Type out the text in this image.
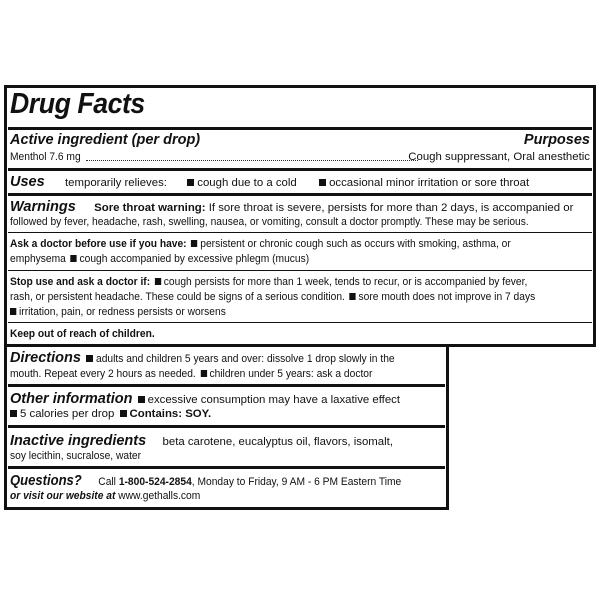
Drug Facts
Active ingredient (per drop)	Purposes
Menthol 7.6 mg	Cough suppressant, Oral anesthetic
Uses temporarily relieves:	cough due to a cold	occasional minor irritation or sore throat
Warnings Sore throat warning: If sore throat is severe, persists for more than 2 days, is accompanied or
followed by fever, headache, rash, swelling, nausea, or vomiting, consult a doctor promptly. These may be serious.
Ask a doctor before use if you have: persistent or chronic cough such as occurs with smoking, asthma, or
emphysema cough accompanied by excessive phlegm (mucus)
Stop use and ask a doctor if: cough persists for more than 1 week, tends to recur, or is accompanied by fever,
rash, or persistent headache. These could be signs of a serious condition. sore mouth does not improve in 7 days
irritation, pain, or redness persists or worsens
Keep out of reach of children.
Directions adults and children 5 years and over: dissolve 1 drop slowly in the
mouth. Repeat every 2 hours as needed. children under 5 years: ask a doctor
Other information excessive consumption may have a laxative effect
5 calories per drop Contains: SOY.
Inactive ingredients beta carotene, eucalyptus oil, flavors, isomalt,
soy lecithin, sucralose, water
Questions? Call 1-800-524-2854, Monday to Friday, 9 AM - 6 PM Eastern Time
or visit our website at www.gethalls.com
